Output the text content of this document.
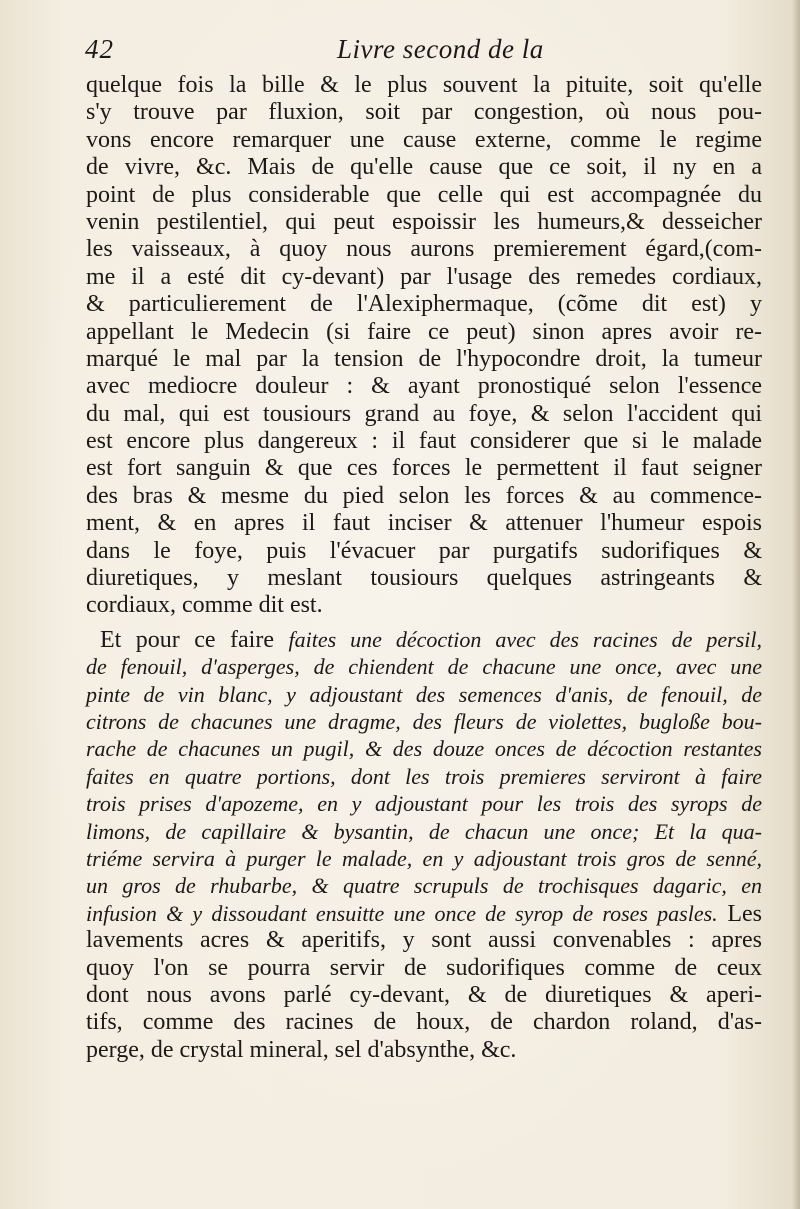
42	Livre second de la
quelque fois la bille & le plus souvent la pituite, soit qu'elle
s'y trouve par fluxion, soit par congestion, où nous pou-
vons encore remarquer une cause externe, comme le regime
de vivre, &c. Mais de qu'elle cause que ce soit, il ny en a
point de plus considerable que celle qui est accompagnée du
venin pestilentiel, qui peut espoissir les humeurs,& desseicher
les vaisseaux, à quoy nous aurons premierement égard,(com-
me il a esté dit cy-devant) par l'usage des remedes cordiaux,
& particulierement de l'Alexiphermaque, (cõme dit est) y
appellant le Medecin (si faire ce peut) sinon apres avoir re-
marqué le mal par la tension de l'hypocondre droit, la tumeur
avec mediocre douleur : & ayant pronostiqué selon l'essence
du mal, qui est tousiours grand au foye, & selon l'accident qui
est encore plus dangereux : il faut considerer que si le malade
est fort sanguin & que ces forces le permettent il faut seigner
des bras & mesme du pied selon les forces & au commence-
ment, & en apres il faut inciser & attenuer l'humeur espois
dans le foye, puis l'évacuer par purgatifs sudorifiques &
diuretiques, y meslant tousiours quelques astringeants &
cordiaux, comme dit est.
Et pour ce faire faites une décoction avec des racines de persil,
de fenouil, d'asperges, de chiendent de chacune une once, avec une
pinte de vin blanc, y adjoustant des semences d'anis, de fenouil, de
citrons de chacunes une dragme, des fleurs de violettes, bugloße bou-
rache de chacunes un pugil, & des douze onces de décoction restantes
faites en quatre portions, dont les trois premieres serviront à faire
trois prises d'apozeme, en y adjoustant pour les trois des syrops de
limons, de capillaire & bysantin, de chacun une once; Et la qua-
triéme servira à purger le malade, en y adjoustant trois gros de senné,
un gros de rhubarbe, & quatre scrupuls de trochisques dagaric, en
infusion & y dissoudant ensuitte une once de syrop de roses pasles. Les
lavements acres & aperitifs, y sont aussi convenables : apres
quoy l'on se pourra servir de sudorifiques comme de ceux
dont nous avons parlé cy-devant, & de diuretiques & aperi-
tifs, comme des racines de houx, de chardon roland, d'as-
perge, de crystal mineral, sel d'absynthe, &c.
